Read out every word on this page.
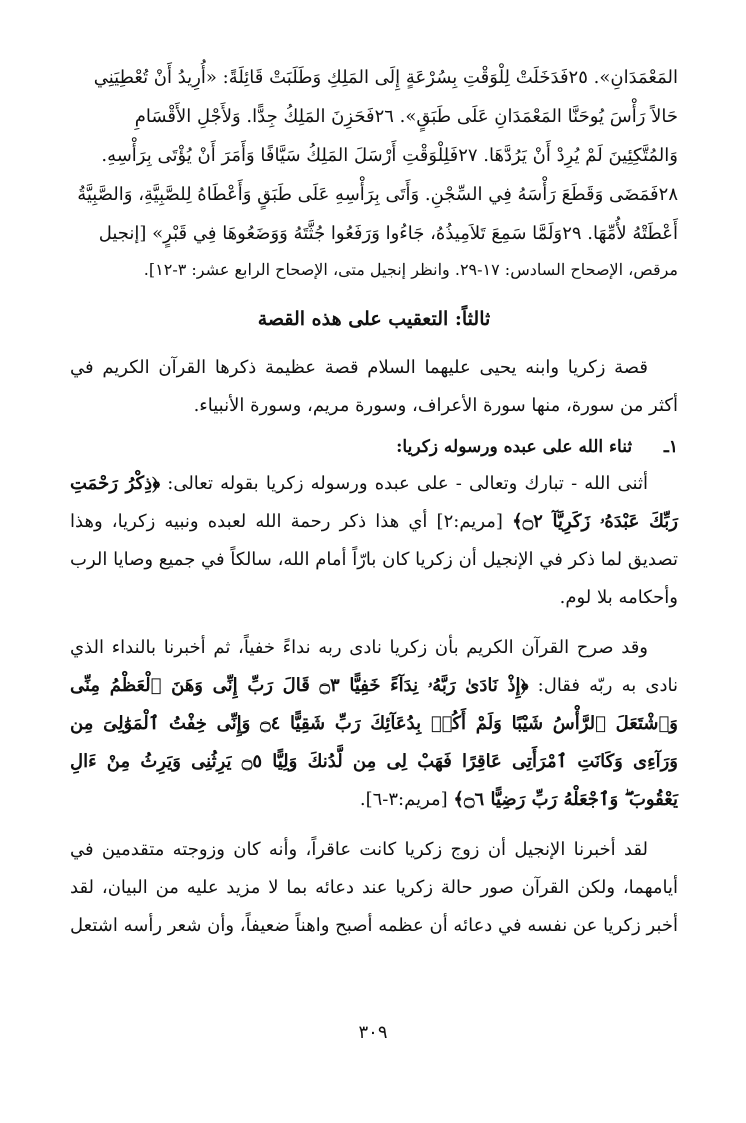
المَعْمَدَانِ». ٢٥فَدَخَلَتْ لِلْوَقْتِ بِسُرْعَةٍ إِلَى المَلِكِ وَطَلَبَتْ قَائِلَةً: «أُرِيدُ أَنْ تُعْطِيَنِي

حَالاً رَأْسَ يُوحَنَّا المَعْمَدَانِ عَلَى طَبَقٍ». ٢٦فَحَزِنَ المَلِكُ جِدًّا. وَلأَجْلِ الأَقْسَامِ

وَالمُتَّكِئِينَ لَمْ يُرِدْ أَنْ يَرُدَّهَا. ٢٧فَلِلْوَقْتِ أَرْسَلَ المَلِكُ سَيَّافًا وَأَمَرَ أَنْ يُؤْتَى بِرَأْسِهِ.

٢٨فَمَضَى وَقَطَعَ رَأْسَهُ فِي السِّجْنِ. وَأَتَى بِرَأْسِهِ عَلَى طَبَقٍ وَأَعْطَاهُ لِلصَّبِيَّةِ، وَالصَّبِيَّةُ

أَعْطَتْهُ لأُمِّهَا. ٢٩وَلَمَّا سَمِعَ تَلاَمِيذُهُ، جَاءُوا وَرَفَعُوا جُثَّتَهُ وَوَضَعُوهَا فِي قَبْرٍ» [إنجيل

مرقص، الإصحاح السادس: ١٧-٢٩. وانظر إنجيل متى، الإصحاح الرابع عشر: ٣-١٢].

ثالثاً: التعقيب على هذه القصة

قصة زكريا وابنه يحيى عليهما السلام قصة عظيمة ذكرها القرآن الكريم في أكثر من سورة، منها سورة الأعراف، وسورة مريم، وسورة الأنبياء.

١ـ ثناء الله على عبده ورسوله زكريا:

أثنى الله - تبارك وتعالى - على عبده ورسوله زكريا بقوله تعالى: ﴿ذِكْرُ رَحْمَتِ رَبِّكَ عَبْدَهُۥ زَكَرِيَّآ ۝٢﴾ [مريم:٢] أي هذا ذكر رحمة الله لعبده ونبيه زكريا، وهذا تصديق لما ذكر في الإنجيل أن زكريا كان بارّاً أمام الله، سالكاً في جميع وصايا الرب وأحكامه بلا لوم.

وقد صرح القرآن الكريم بأن زكريا نادى ربه نداءً خفياً، ثم أخبرنا بالنداء الذي نادى به ربّه فقال: ﴿إِذْ نَادَىٰ رَبَّهُۥ نِدَآءً خَفِيًّا ۝٣ قَالَ رَبِّ إِنِّى وَهَنَ ٱلْعَظْمُ مِنِّى وَٱشْتَعَلَ ٱلرَّأْسُ شَيْبًا وَلَمْ أَكُنۢ بِدُعَآئِكَ رَبِّ شَقِيًّا ۝٤ وَإِنِّى خِفْتُ ٱلْمَوَٰلِىَ مِن وَرَآءِى وَكَانَتِ ٱمْرَأَتِى عَاقِرًا فَهَبْ لِى مِن لَّدُنكَ وَلِيًّا ۝٥ يَرِثُنِى وَيَرِثُ مِنْ ءَالِ يَعْقُوبَ ۖ وَٱجْعَلْهُ رَبِّ رَضِيًّا ۝٦﴾ [مريم:٣-٦].

لقد أخبرنا الإنجيل أن زوج زكريا كانت عاقراً، وأنه كان وزوجته متقدمين في أيامهما، ولكن القرآن صور حالة زكريا عند دعائه بما لا مزيد عليه من البيان، لقد أخبر زكريا عن نفسه في دعائه أن عظمه أصبح واهناً ضعيفاً، وأن شعر رأسه اشتعل

٣٠٩
